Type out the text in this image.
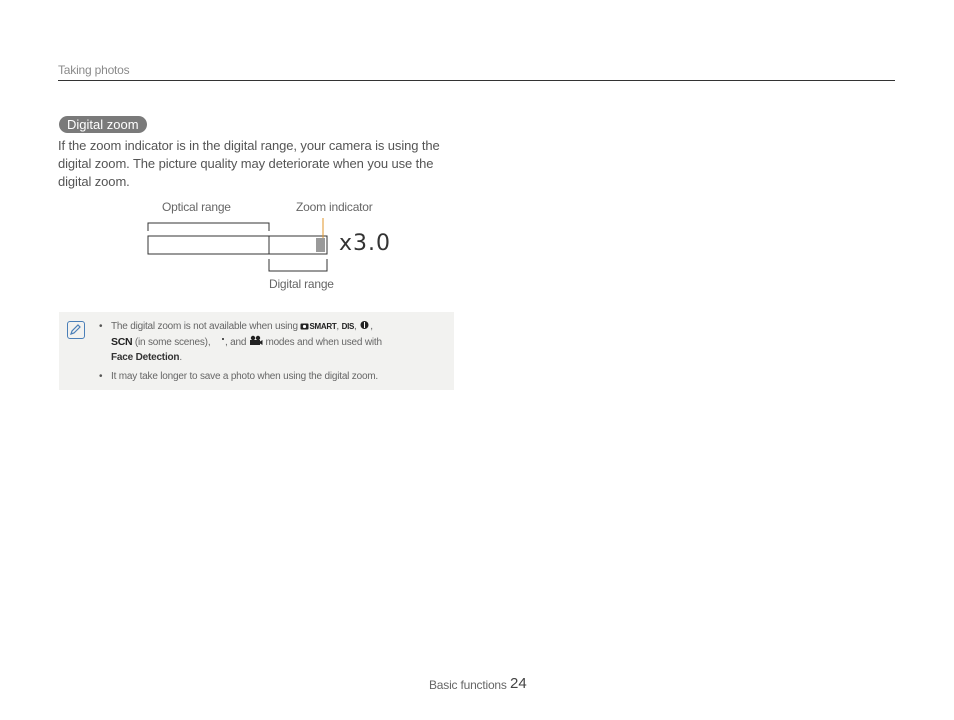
Taking photos
Digital zoom
If the zoom indicator is in the digital range, your camera is using the digital zoom. The picture quality may deteriorate when you use the digital zoom.
Optical range	Zoom indicator
Digital range
x3.0
• The digital zoom is not available when using SMART, DIS, ,
SCN (in some scenes), , and modes and when used with
Face Detection.
• It may take longer to save a photo when using the digital zoom.
Basic functions 24
